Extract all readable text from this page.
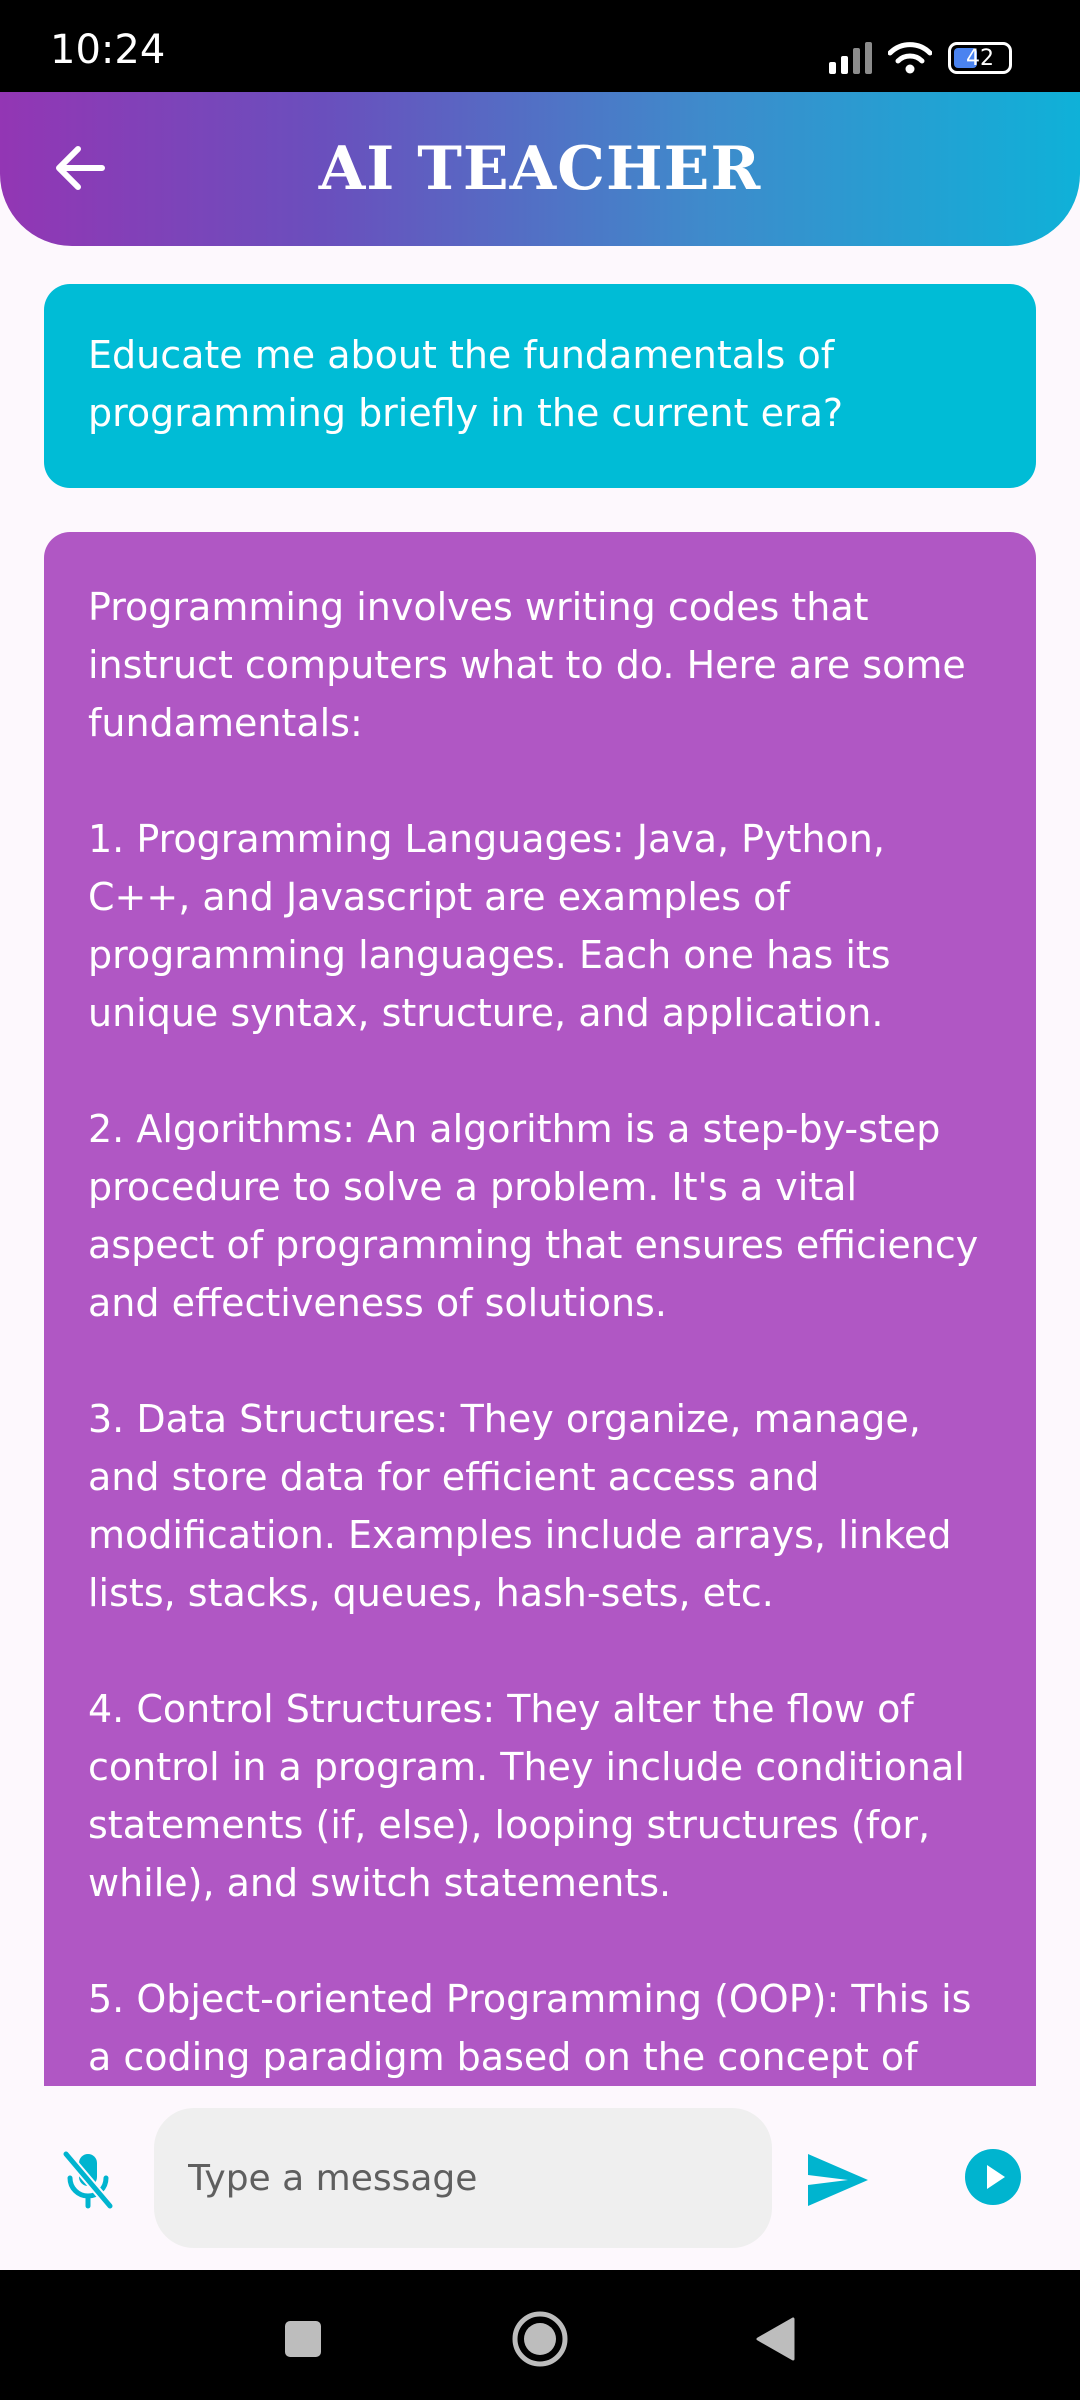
10:24	42
AI TEACHER
Educate me about the fundamentals of programming briefly in the current era?

Programming involves writing codes that instruct computers what to do. Here are some fundamentals:

1. Programming Languages: Java, Python, C++, and Javascript are examples of programming languages. Each one has its unique syntax, structure, and application.

2. Algorithms: An algorithm is a step-by-step procedure to solve a problem. It's a vital aspect of programming that ensures efficiency and effectiveness of solutions.

3. Data Structures: They organize, manage, and store data for efficient access and modification. Examples include arrays, linked lists, stacks, queues, hash-sets, etc.

4. Control Structures: They alter the flow of control in a program. They include conditional statements (if, else), looping structures (for, while), and switch statements.

5. Object-oriented Programming (OOP): This is a coding paradigm based on the concept of

Type a message
